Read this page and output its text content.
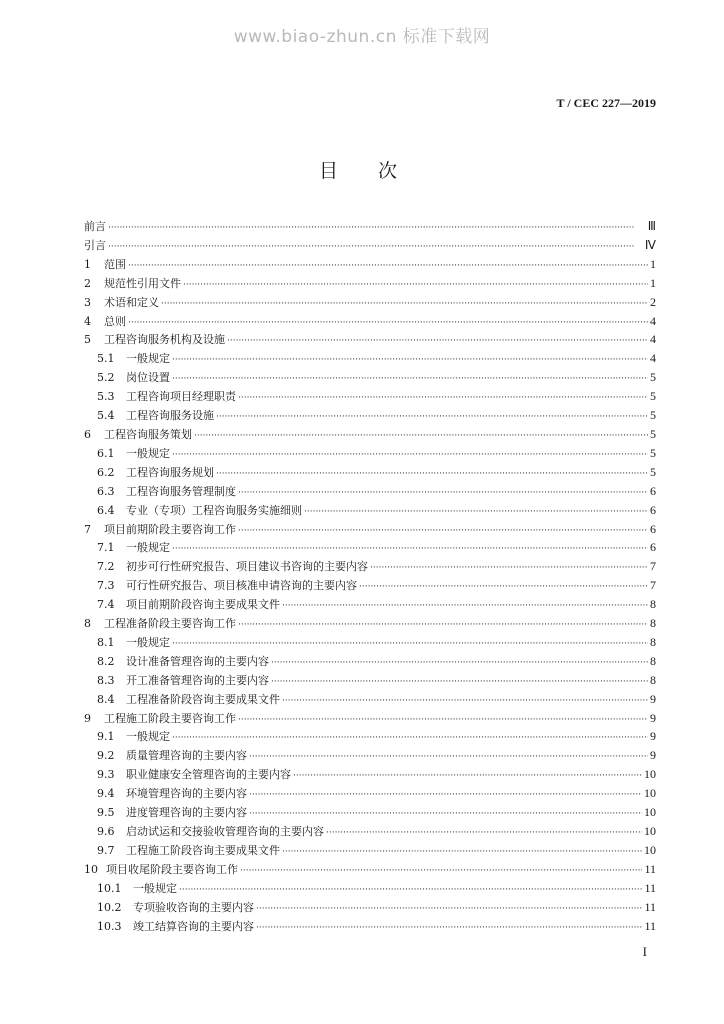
www.biao-zhun.cn 标准下载网
T / CEC 227—2019
目 次
前言 ·····	Ⅲ
引言 ·····	Ⅳ
1	范围 ·····	1
2	规范性引用文件 ·····	1
3	术语和定义 ·····	2
4	总则 ·····	4
5	工程咨询服务机构及设施 ·····	4
5.1	一般规定 ·····	4
5.2	岗位设置 ·····	5
5.3	工程咨询项目经理职责 ·····	5
5.4	工程咨询服务设施 ·····	5
6	工程咨询服务策划 ·····	5
6.1	一般规定 ·····	5
6.2	工程咨询服务规划 ·····	5
6.3	工程咨询服务管理制度 ·····	6
6.4	专业（专项）工程咨询服务实施细则 ·····	6
7	项目前期阶段主要咨询工作 ·····	6
7.1	一般规定 ·····	6
7.2	初步可行性研究报告、项目建议书咨询的主要内容 ·····	7
7.3	可行性研究报告、项目核准申请咨询的主要内容 ·····	7
7.4	项目前期阶段咨询主要成果文件 ·····	8
8	工程准备阶段主要咨询工作 ·····	8
8.1	一般规定 ·····	8
8.2	设计准备管理咨询的主要内容 ·····	8
8.3	开工准备管理咨询的主要内容 ·····	8
8.4	工程准备阶段咨询主要成果文件 ·····	9
9	工程施工阶段主要咨询工作 ·····	9
9.1	一般规定 ·····	9
9.2	质量管理咨询的主要内容 ·····	9
9.3	职业健康安全管理咨询的主要内容 ·····	10
9.4	环境管理咨询的主要内容 ·····	10
9.5	进度管理咨询的主要内容 ·····	10
9.6	启动试运和交接验收管理咨询的主要内容 ·····	10
9.7	工程施工阶段咨询主要成果文件 ·····	10
10 项目收尾阶段主要咨询工作 ·····	11
10.1	一般规定 ·····	11
10.2	专项验收咨询的主要内容 ·····	11
10.3	竣工结算咨询的主要内容 ·····	11
I
